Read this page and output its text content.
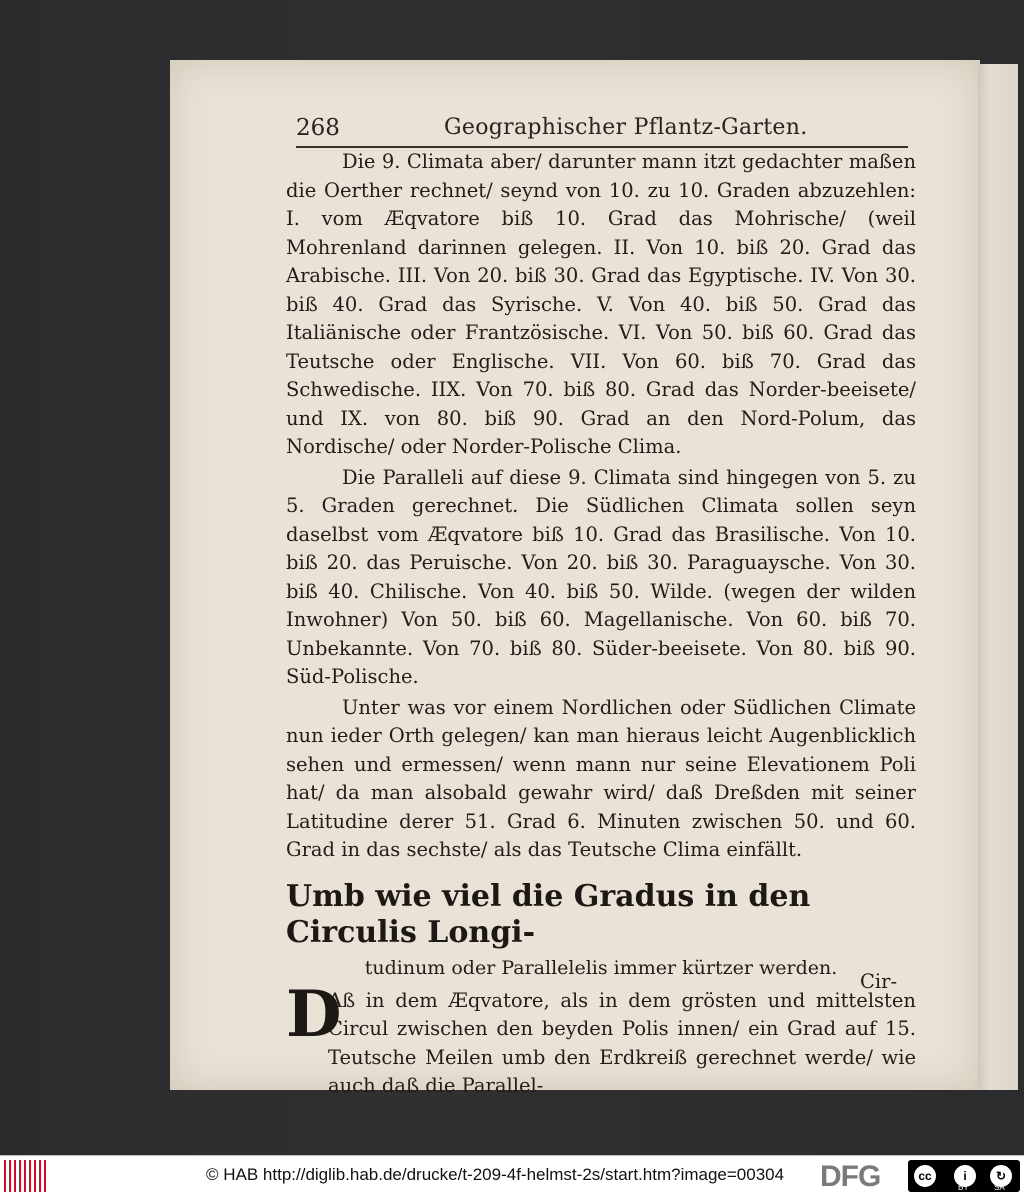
268	Geographischer Pflantz-Garten.

Die 9. Climata aber/ darunter mann itzt gedachter maßen die Oerther rechnet/ seynd von 10. zu 10. Graden abzuzehlen: I. vom Æqvatore biß 10. Grad das Mohrische/ (weil Mohrenland darinnen gelegen. II. Von 10. biß 20. Grad das Arabische. III. Von 20. biß 30. Grad das Egyptische. IV. Von 30. biß 40. Grad das Syrische. V. Von 40. biß 50. Grad das Italiänische oder Frantzösische. VI. Von 50. biß 60. Grad das Teutsche oder Englische. VII. Von 60. biß 70. Grad das Schwedische. IIX. Von 70. biß 80. Grad das Norder-beeisete/ und IX. von 80. biß 90. Grad an den Nord-Polum, das Nordische/ oder Norder-Polische Clima.

Die Paralleli auf diese 9. Climata sind hingegen von 5. zu 5. Graden gerechnet. Die Südlichen Climata sollen seyn daselbst vom Æqvatore biß 10. Grad das Brasilische. Von 10. biß 20. das Peruische. Von 20. biß 30. Paraguaysche. Von 30. biß 40. Chilische. Von 40. biß 50. Wilde. (wegen der wilden Inwohner) Von 50. biß 60. Magellanische. Von 60. biß 70. Unbekannte. Von 70. biß 80. Süder-beeisete. Von 80. biß 90. Süd-Polische.

Unter was vor einem Nordlichen oder Südlichen Climate nun ieder Orth gelegen/ kan man hieraus leicht Augenblicklich sehen und ermessen/ wenn mann nur seine Elevationem Poli hat/ da man alsobald gewahr wird/ daß Dreßden mit seiner Latitudine derer 51. Grad 6. Minuten zwischen 50. und 60. Grad in das sechste/ als das Teutsche Clima einfällt.

Umb wie viel die Gradus in den Circulis Longi-
tudinum oder Parallelelis immer kürtzer werden.

D
Aß in dem Æqvatore, als in dem grösten und mittelsten Circul zwischen den beyden Polis innen/ ein Grad auf 15. Teutsche Meilen umb den Erdkreiß gerechnet werde/ wie auch daß die Parallel-

Cir-
© HAB http://diglib.hab.de/drucke/t-209-4f-helmst-2s/start.htm?image=00304 DFG	cc	i	↻
BY	SA
